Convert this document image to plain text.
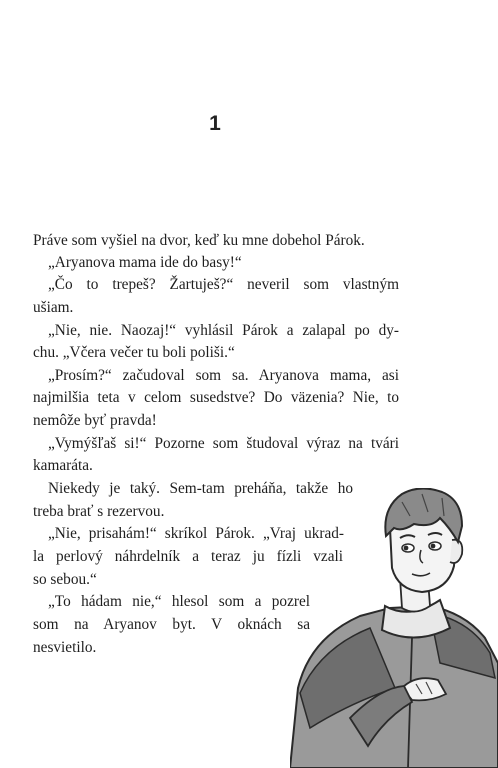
1
Práve som vyšiel na dvor, keď ku mne dobehol Párok.
„Aryanova mama ide do basy!“
„Čo to trepeš? Žartuješ?“ neveril som vlastným
ušiam.
„Nie, nie. Naozaj!“ vyhlásil Párok a zalapal po dy-
chu. „Včera večer tu boli poliši.“
„Prosím?“ začudoval som sa. Aryanova mama, asi
najmilšia teta v celom susedstve? Do väzenia? Nie, to
nemôže byť pravda!
„Vymýšľaš si!“ Pozorne som študoval výraz na tvári
kamaráta.
Niekedy je taký. Sem-tam preháňa, takže ho
treba brať s rezervou.
„Nie, prisahám!“ skríkol Párok. „Vraj ukrad-
la perlový náhrdelník a teraz ju fízli vzali
so sebou.“
„To hádam nie,“ hlesol som a pozrel
som na Aryanov byt. V oknách sa
nesvietilo.
